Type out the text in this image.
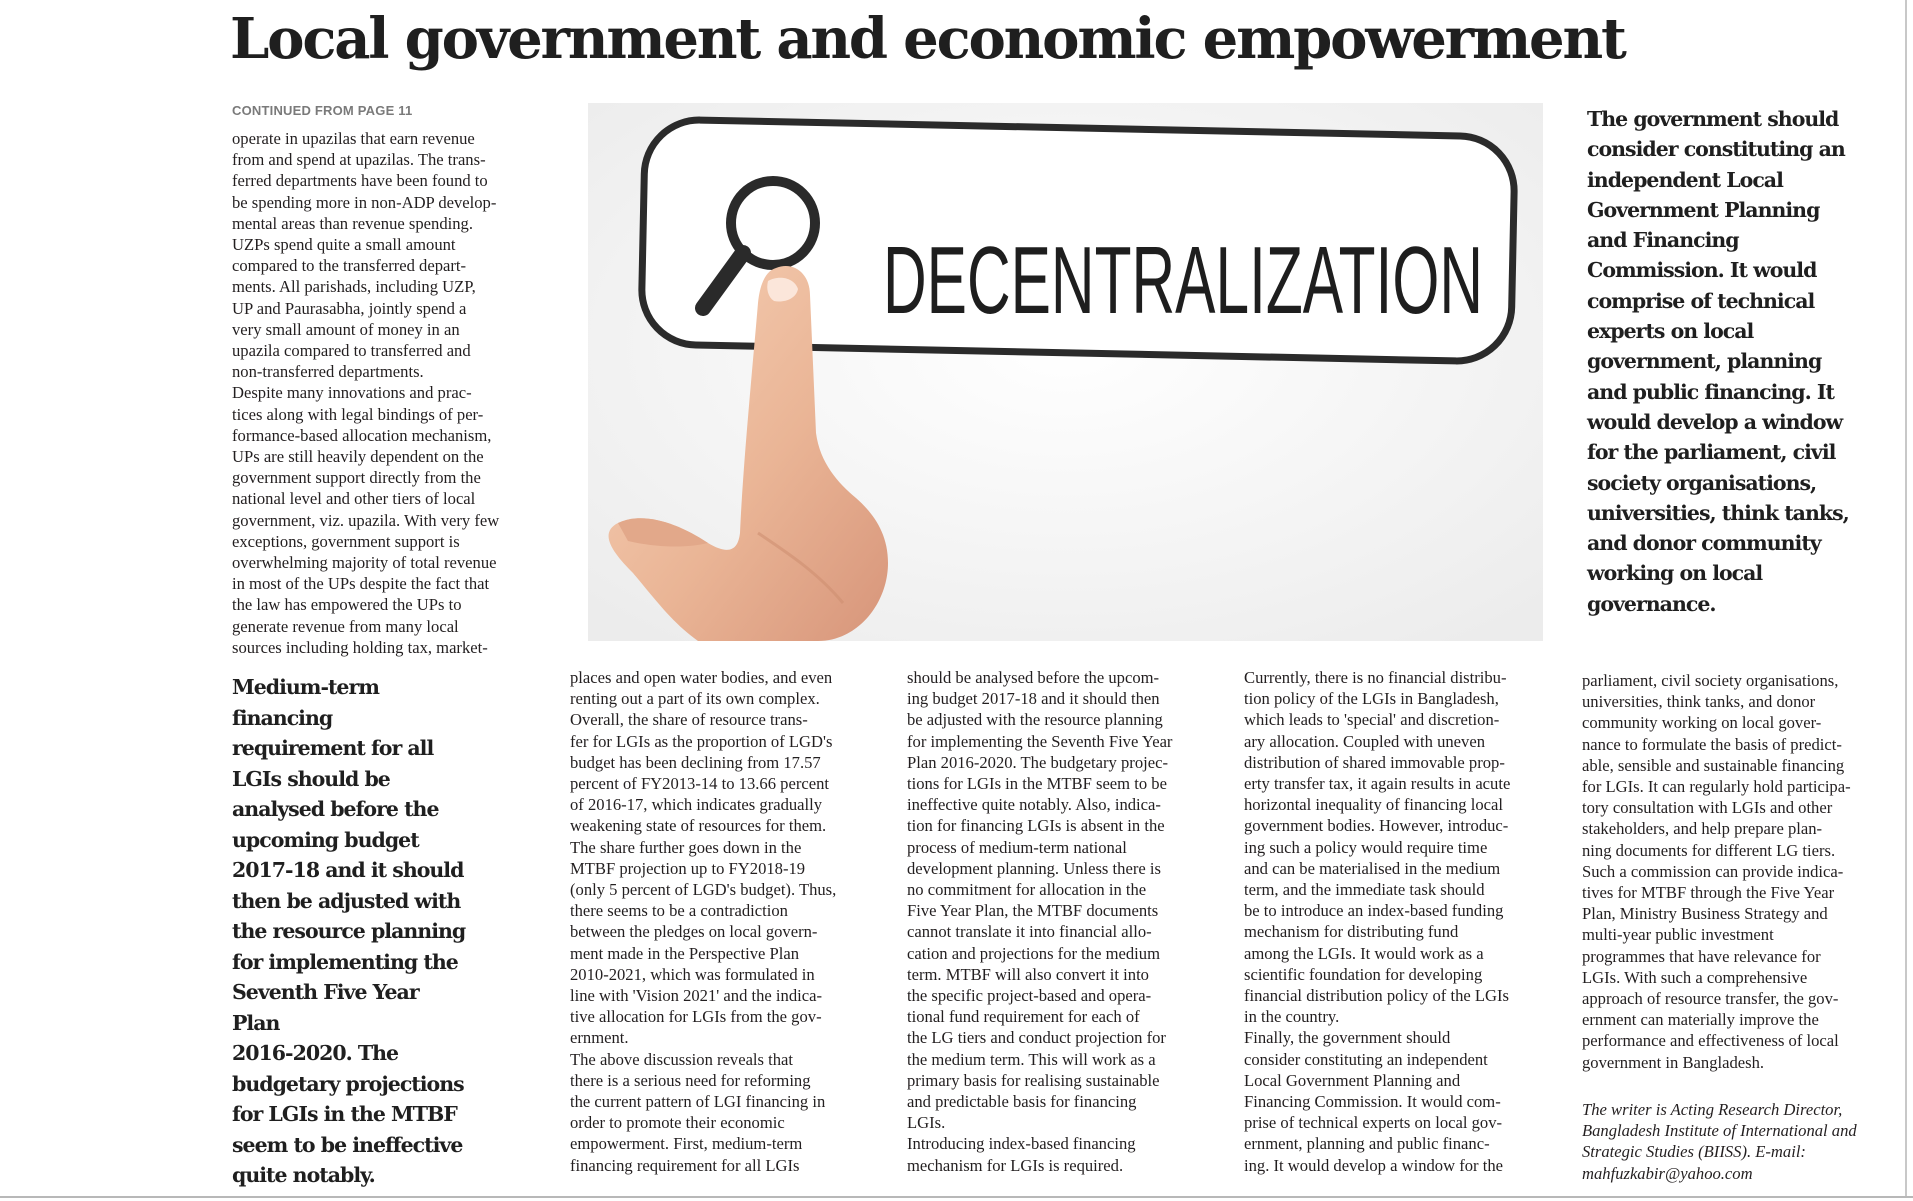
Local government and economic empowerment
CONTINUED FROM PAGE 11
operate in upazilas that earn revenue
from and spend at upazilas. The trans-
ferred departments have been found to
be spending more in non-ADP develop-
mental areas than revenue spending.
UZPs spend quite a small amount
compared to the transferred depart-
ments. All parishads, including UZP,
UP and Paurasabha, jointly spend a
very small amount of money in an
upazila compared to transferred and
non-transferred departments.
Despite many innovations and prac-
tices along with legal bindings of per-
formance-based allocation mechanism,
UPs are still heavily dependent on the
government support directly from the
national level and other tiers of local
government, viz. upazila. With very few
exceptions, government support is
overwhelming majority of total revenue
in most of the UPs despite the fact that
the law has empowered the UPs to
generate revenue from many local
sources including holding tax, market-
DECENTRALIZATION
The government should
consider constituting an
independent Local
Government Planning
and Financing
Commission. It would
comprise of technical
experts on local
government, planning
and public financing. It
would develop a window
for the parliament, civil
society organisations,
universities, think tanks,
and donor community
working on local
governance.
Medium-term
financing
requirement for all
LGIs should be
analysed before the
upcoming budget
2017-18 and it should
then be adjusted with
the resource planning
for implementing the
Seventh Five Year Plan
2016-2020. The
budgetary projections
for LGIs in the MTBF
seem to be ineffective
quite notably.
places and open water bodies, and even
renting out a part of its own complex.
Overall, the share of resource trans-
fer for LGIs as the proportion of LGD's
budget has been declining from 17.57
percent of FY2013-14 to 13.66 percent
of 2016-17, which indicates gradually
weakening state of resources for them.
The share further goes down in the
MTBF projection up to FY2018-19
(only 5 percent of LGD's budget). Thus,
there seems to be a contradiction
between the pledges on local govern-
ment made in the Perspective Plan
2010-2021, which was formulated in
line with 'Vision 2021' and the indica-
tive allocation for LGIs from the gov-
ernment.
The above discussion reveals that
there is a serious need for reforming
the current pattern of LGI financing in
order to promote their economic
empowerment. First, medium-term
financing requirement for all LGIs
should be analysed before the upcom-
ing budget 2017-18 and it should then
be adjusted with the resource planning
for implementing the Seventh Five Year
Plan 2016-2020. The budgetary projec-
tions for LGIs in the MTBF seem to be
ineffective quite notably. Also, indica-
tion for financing LGIs is absent in the
process of medium-term national
development planning. Unless there is
no commitment for allocation in the
Five Year Plan, the MTBF documents
cannot translate it into financial allo-
cation and projections for the medium
term. MTBF will also convert it into
the specific project-based and opera-
tional fund requirement for each of
the LG tiers and conduct projection for
the medium term. This will work as a
primary basis for realising sustainable
and predictable basis for financing
LGIs.
Introducing index-based financing
mechanism for LGIs is required.
Currently, there is no financial distribu-
tion policy of the LGIs in Bangladesh,
which leads to 'special' and discretion-
ary allocation. Coupled with uneven
distribution of shared immovable prop-
erty transfer tax, it again results in acute
horizontal inequality of financing local
government bodies. However, introduc-
ing such a policy would require time
and can be materialised in the medium
term, and the immediate task should
be to introduce an index-based funding
mechanism for distributing fund
among the LGIs. It would work as a
scientific foundation for developing
financial distribution policy of the LGIs
in the country.
Finally, the government should
consider constituting an independent
Local Government Planning and
Financing Commission. It would com-
prise of technical experts on local gov-
ernment, planning and public financ-
ing. It would develop a window for the
parliament, civil society organisations,
universities, think tanks, and donor
community working on local gover-
nance to formulate the basis of predict-
able, sensible and sustainable financing
for LGIs. It can regularly hold participa-
tory consultation with LGIs and other
stakeholders, and help prepare plan-
ning documents for different LG tiers.
Such a commission can provide indica-
tives for MTBF through the Five Year
Plan, Ministry Business Strategy and
multi-year public investment
programmes that have relevance for
LGIs. With such a comprehensive
approach of resource transfer, the gov-
ernment can materially improve the
performance and effectiveness of local
government in Bangladesh.
The writer is Acting Research Director,
Bangladesh Institute of International and
Strategic Studies (BIISS). E-mail:
mahfuzkabir@yahoo.com
